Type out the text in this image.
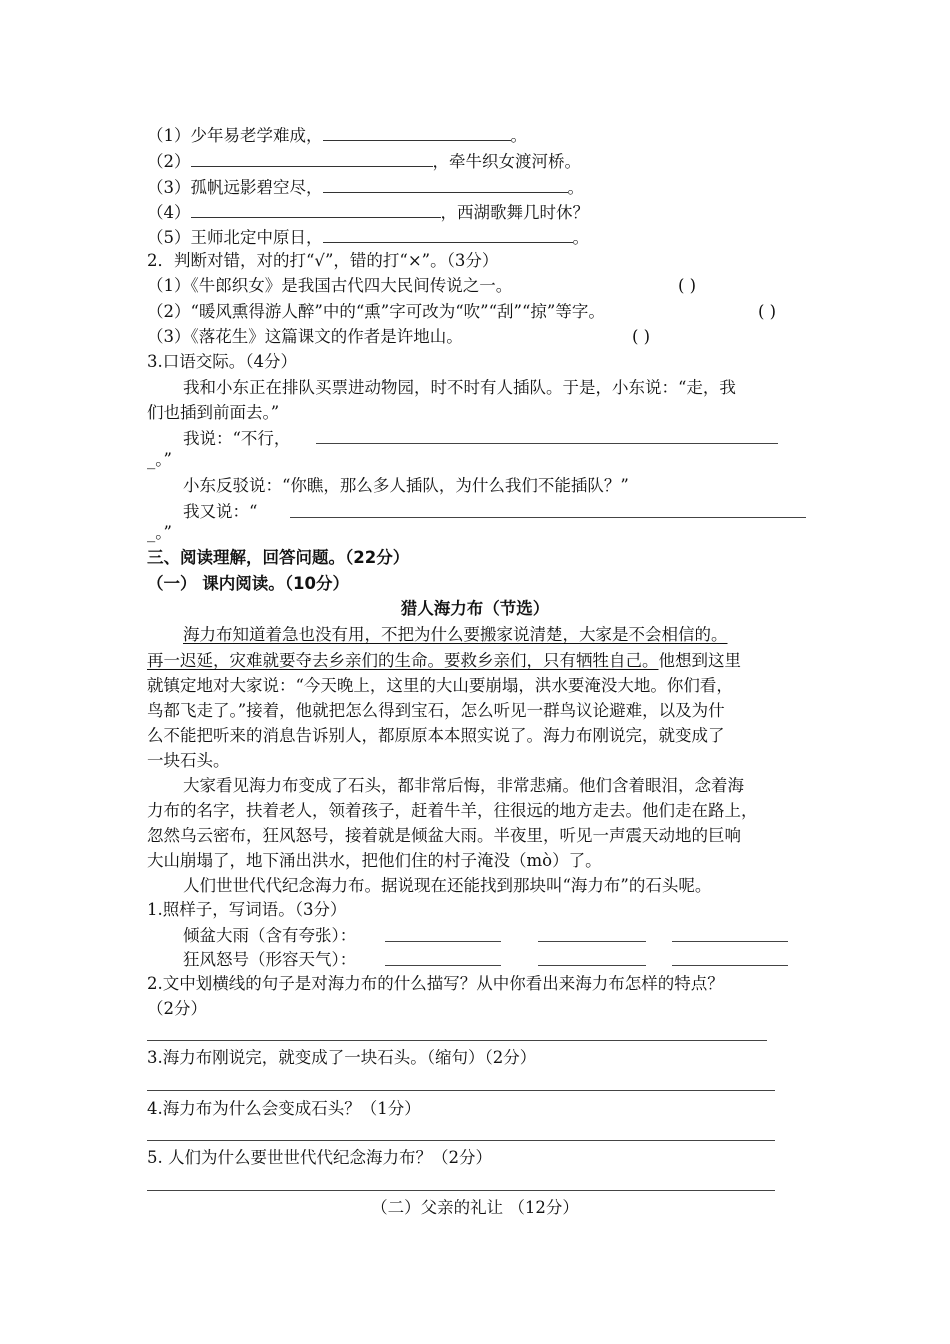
（1）少年易老学难成，	。
（2）	，牵牛织女渡河桥。
（3）孤帆远影碧空尽，	。
（4）	，西湖歌舞几时休？
（5）王师北定中原日，	。
2．判断对错，对的打“√”，错的打“×”。（3分）
（1）《牛郎织女》是我国古代四大民间传说之一。	( )
（2）“暖风熏得游人醉”中的“熏”字可改为“吹”“刮”“掠”等字。	( )
（3）《落花生》这篇课文的作者是许地山。	( )
3.口语交际。（4分）
我和小东正在排队买票进动物园，时不时有人插队。于是，小东说：“走，我
们也插到前面去。”
我说：“不行，
_。”
小东反驳说：“你瞧，那么多人插队，为什么我们不能插队？”
我又说：“
_。”
三、阅读理解，回答问题。（22分）
（一） 课内阅读。（10分）
猎人海力布（节选）
海力布知道着急也没有用，不把为什么要搬家说清楚，大家是不会相信的。
再一迟延，灾难就要夺去乡亲们的生命。要救乡亲们，只有牺牲自己。他想到这里
就镇定地对大家说：“今天晚上，这里的大山要崩塌，洪水要淹没大地。你们看，
鸟都飞走了。”接着，他就把怎么得到宝石，怎么听见一群鸟议论避难，以及为什
么不能把听来的消息告诉别人，都原原本本照实说了。海力布刚说完，就变成了
一块石头。
大家看见海力布变成了石头，都非常后悔，非常悲痛。他们含着眼泪，念着海
力布的名字，扶着老人，领着孩子，赶着牛羊，往很远的地方走去。他们走在路上，
忽然乌云密布，狂风怒号，接着就是倾盆大雨。半夜里，听见一声震天动地的巨响
大山崩塌了，地下涌出洪水，把他们住的村子淹没（mò）了。
人们世世代代纪念海力布。据说现在还能找到那块叫“海力布”的石头呢。
1.照样子，写词语。（3分）
倾盆大雨（含有夸张）：
狂风怒号（形容天气）：
2.文中划横线的句子是对海力布的什么描写？从中你看出来海力布怎样的特点？
（2分）
3.海力布刚说完，就变成了一块石头。（缩句）（2分）
4.海力布为什么会变成石头？（1分）
5. 人们为什么要世世代代纪念海力布？（2分）
（二）父亲的礼让 （12分）
